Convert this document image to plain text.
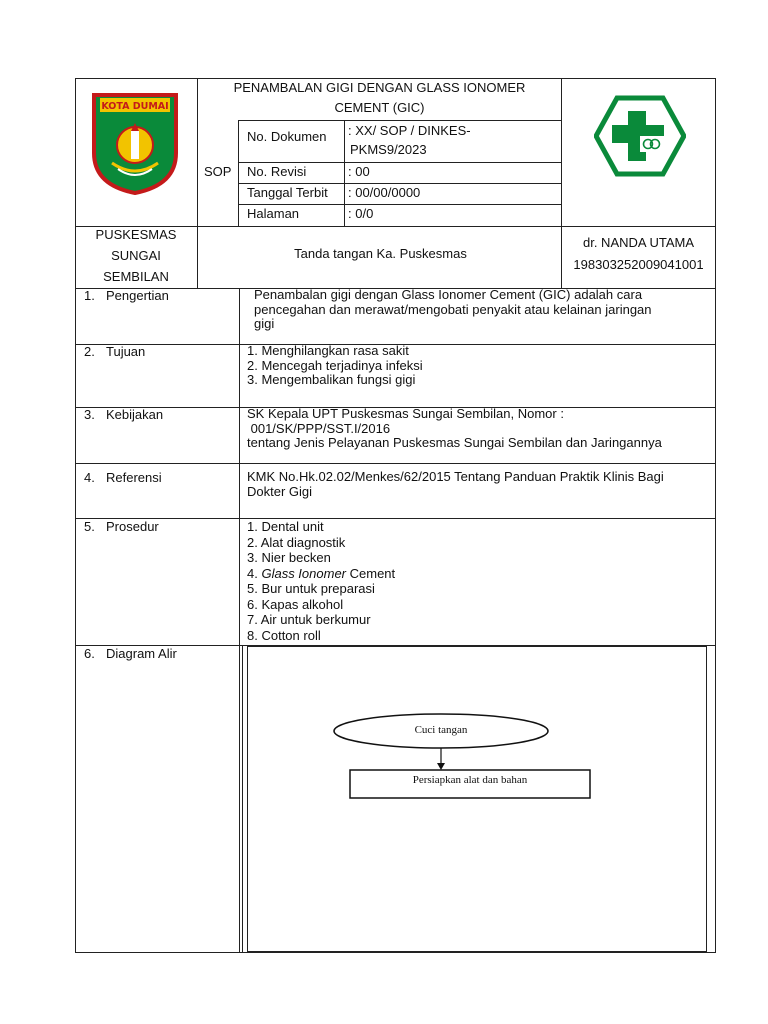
KOTA DUMAI
PENAMBALAN GIGI DENGAN GLASS IONOMER
CEMENT (GIC)
SOP
No. Dokumen : XX/ SOP / DINKES-
PKMS9/2023
No. Revisi	: 00
Tanggal Terbit : 00/00/0000
Halaman	: 0/0
PUSKESMAS
SUNGAI
SEMBILAN
Tanda tangan Ka. Puskesmas
dr. NANDA UTAMA
198303252009041001
1. Pengertian	Penambalan gigi dengan Glass Ionomer Cement (GIC) adalah cara
pencegahan dan merawat/mengobati penyakit atau kelainan jaringan
gigi
2. Tujuan	1. Menghilangkan rasa sakit
2. Mencegah terjadinya infeksi
3. Mengembalikan fungsi gigi
3. Kebijakan	SK Kepala UPT Puskesmas Sungai Sembilan, Nomor :
001/SK/PPP/SST.I/2016
tentang Jenis Pelayanan Puskesmas Sungai Sembilan dan Jaringannya
4. Referensi	KMK No.Hk.02.02/Menkes/62/2015 Tentang Panduan Praktik Klinis Bagi
Dokter Gigi
5. Prosedur	1. Dental unit
2. Alat diagnostik
3. Nier becken
4. Glass Ionomer Cement
5. Bur untuk preparasi
6. Kapas alkohol
7. Air untuk berkumur
8. Cotton roll
6. Diagram Alir
Cuci tangan
Persiapkan alat dan bahan
